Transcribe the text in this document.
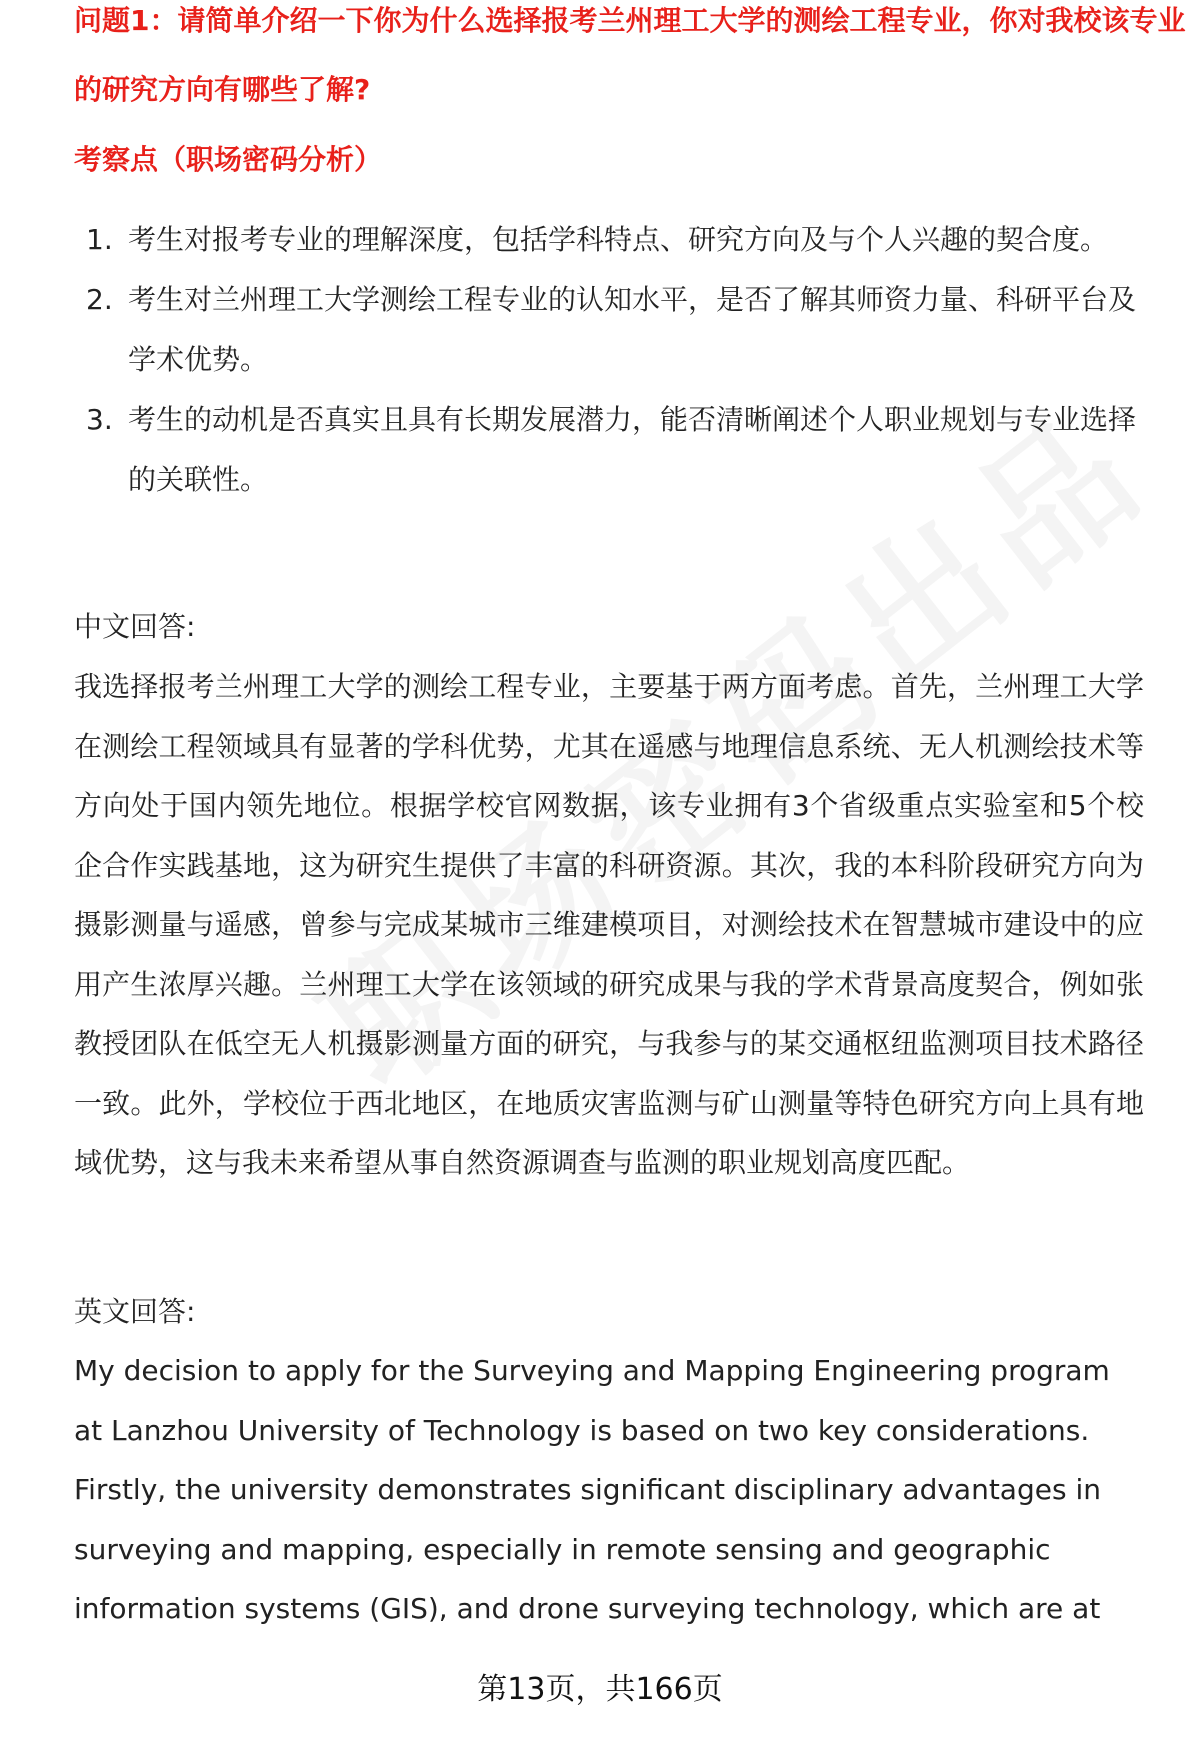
问题1：请简单介绍一下你为什么选择报考兰州理工大学的测绘工程专业，你对我校该专业
的研究方向有哪些了解?
考察点（职场密码分析）
1. 考生对报考专业的理解深度，包括学科特点、研究方向及与个人兴趣的契合度。
2. 考生对兰州理工大学测绘工程专业的认知水平，是否了解其师资力量、科研平台及学术优势。
3. 考生的动机是否真实且具有长期发展潜力，能否清晰阐述个人职业规划与专业选择的关联性。
中文回答:
我选择报考兰州理工大学的测绘工程专业，主要基于两方面考虑。首先，兰州理工大学在测绘工程领域具有显著的学科优势，尤其在遥感与地理信息系统、无人机测绘技术等方向处于国内领先地位。根据学校官网数据，该专业拥有3个省级重点实验室和5个校企合作实践基地，这为研究生提供了丰富的科研资源。其次，我的本科阶段研究方向为摄影测量与遥感，曾参与完成某城市三维建模项目，对测绘技术在智慧城市建设中的应用产生浓厚兴趣。兰州理工大学在该领域的研究成果与我的学术背景高度契合，例如张教授团队在低空无人机摄影测量方面的研究，与我参与的某交通枢纽监测项目技术路径一致。此外，学校位于西北地区，在地质灾害监测与矿山测量等特色研究方向上具有地域优势，这与我未来希望从事自然资源调查与监测的职业规划高度匹配。
英文回答:
My decision to apply for the Surveying and Mapping Engineering program at Lanzhou University of Technology is based on two key considerations. Firstly, the university demonstrates significant disciplinary advantages in surveying and mapping, especially in remote sensing and geographic information systems (GIS), and drone surveying technology, which are at
第13页，共166页
